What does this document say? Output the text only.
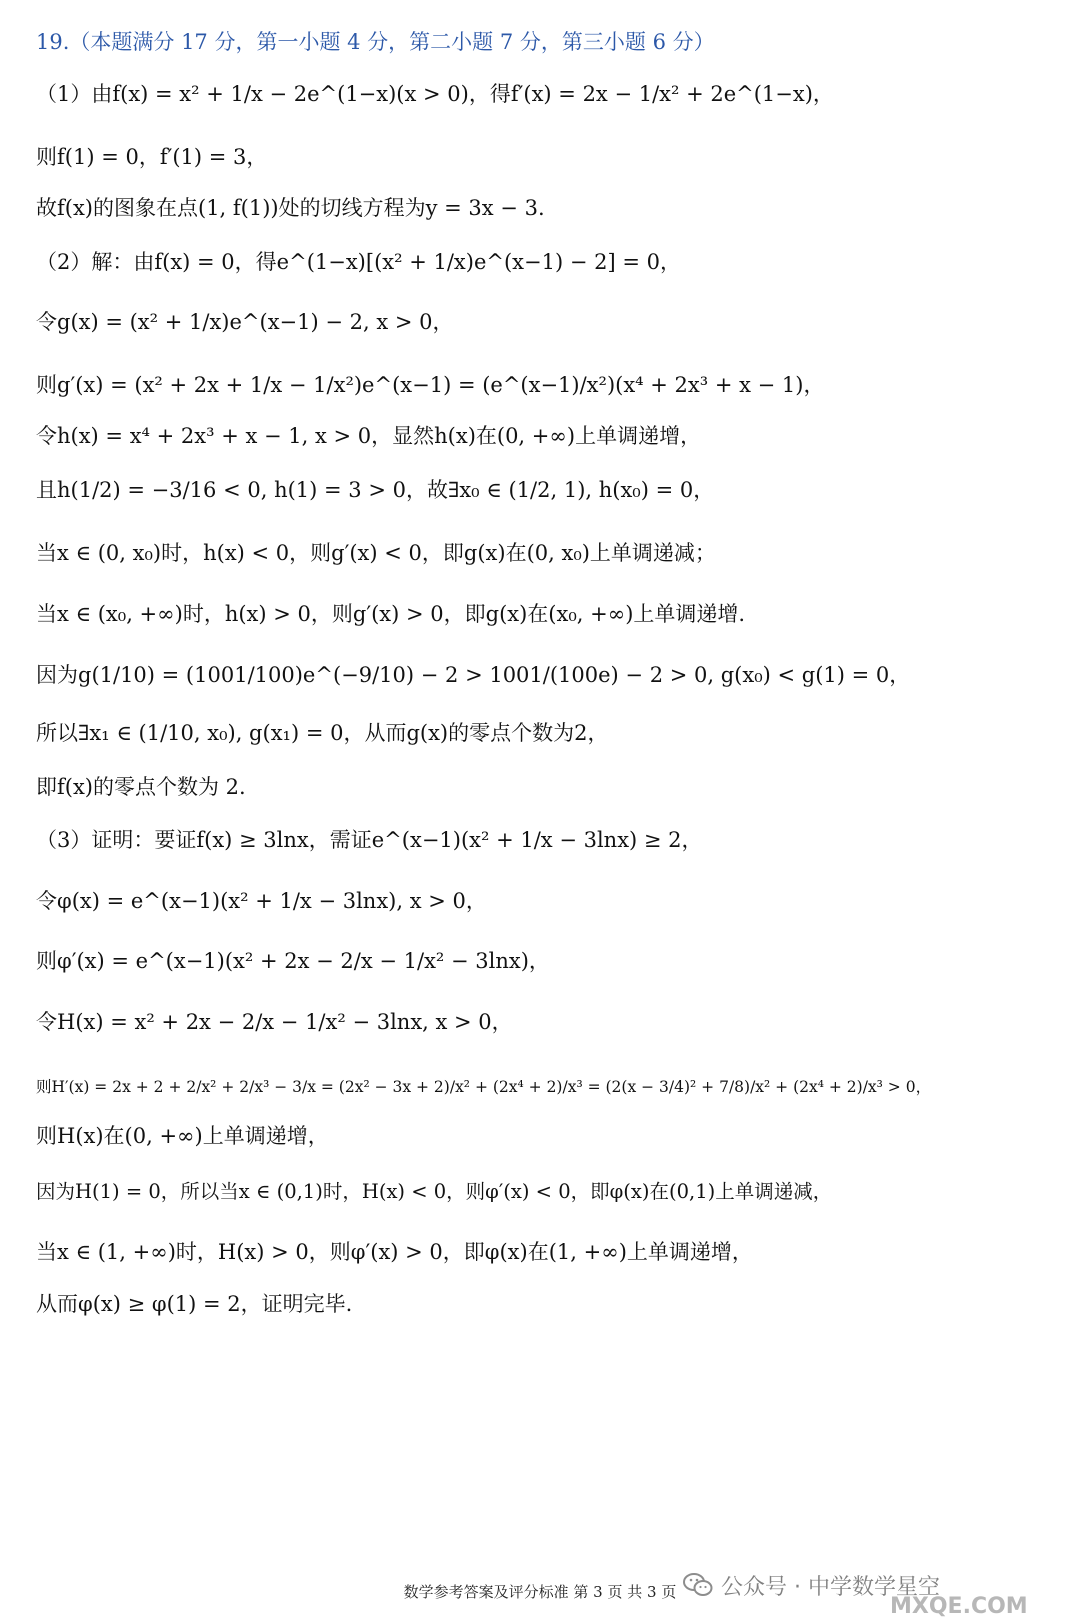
19.（本题满分 17 分，第一小题 4 分，第二小题 7 分，第三小题 6 分）
（1）由f(x) = x² + 1/x − 2e^(1−x)(x > 0)，得f′(x) = 2x − 1/x² + 2e^(1−x)，
则f(1) = 0，f′(1) = 3，
故f(x)的图象在点(1, f(1))处的切线方程为y = 3x − 3.
（2）解：由f(x) = 0，得e^(1−x)[(x² + 1/x)e^(x−1) − 2] = 0，
令g(x) = (x² + 1/x)e^(x−1) − 2, x > 0，
则g′(x) = (x² + 2x + 1/x − 1/x²)e^(x−1) = (e^(x−1)/x²)(x⁴ + 2x³ + x − 1)，
令h(x) = x⁴ + 2x³ + x − 1, x > 0，显然h(x)在(0, +∞)上单调递增，
且h(1/2) = −3/16 < 0, h(1) = 3 > 0，故∃x₀ ∈ (1/2, 1), h(x₀) = 0，
当x ∈ (0, x₀)时，h(x) < 0，则g′(x) < 0，即g(x)在(0, x₀)上单调递减；
当x ∈ (x₀, +∞)时，h(x) > 0，则g′(x) > 0，即g(x)在(x₀, +∞)上单调递增.
因为g(1/10) = (1001/100)e^(−9/10) − 2 > 1001/(100e) − 2 > 0, g(x₀) < g(1) = 0，
所以∃x₁ ∈ (1/10, x₀), g(x₁) = 0，从而g(x)的零点个数为2，
即f(x)的零点个数为 2.
（3）证明：要证f(x) ≥ 3lnx，需证e^(x−1)(x² + 1/x − 3lnx) ≥ 2，
令φ(x) = e^(x−1)(x² + 1/x − 3lnx), x > 0，
则φ′(x) = e^(x−1)(x² + 2x − 2/x − 1/x² − 3lnx)，
令H(x) = x² + 2x − 2/x − 1/x² − 3lnx, x > 0，
则H′(x) = 2x + 2 + 2/x² + 2/x³ − 3/x = (2x² − 3x + 2)/x² + (2x⁴ + 2)/x³ = (2(x − 3/4)² + 7/8)/x² + (2x⁴ + 2)/x³ > 0，
则H(x)在(0, +∞)上单调递增，
因为H(1) = 0，所以当x ∈ (0,1)时，H(x) < 0，则φ′(x) < 0，即φ(x)在(0,1)上单调递减，
当x ∈ (1, +∞)时，H(x) > 0，则φ′(x) > 0，即φ(x)在(1, +∞)上单调递增，
从而φ(x) ≥ φ(1) = 2，证明完毕.
数学参考答案及评分标准 第 3 页 共 3 页	公众号 · 中学数学星空
MXQE.COM
